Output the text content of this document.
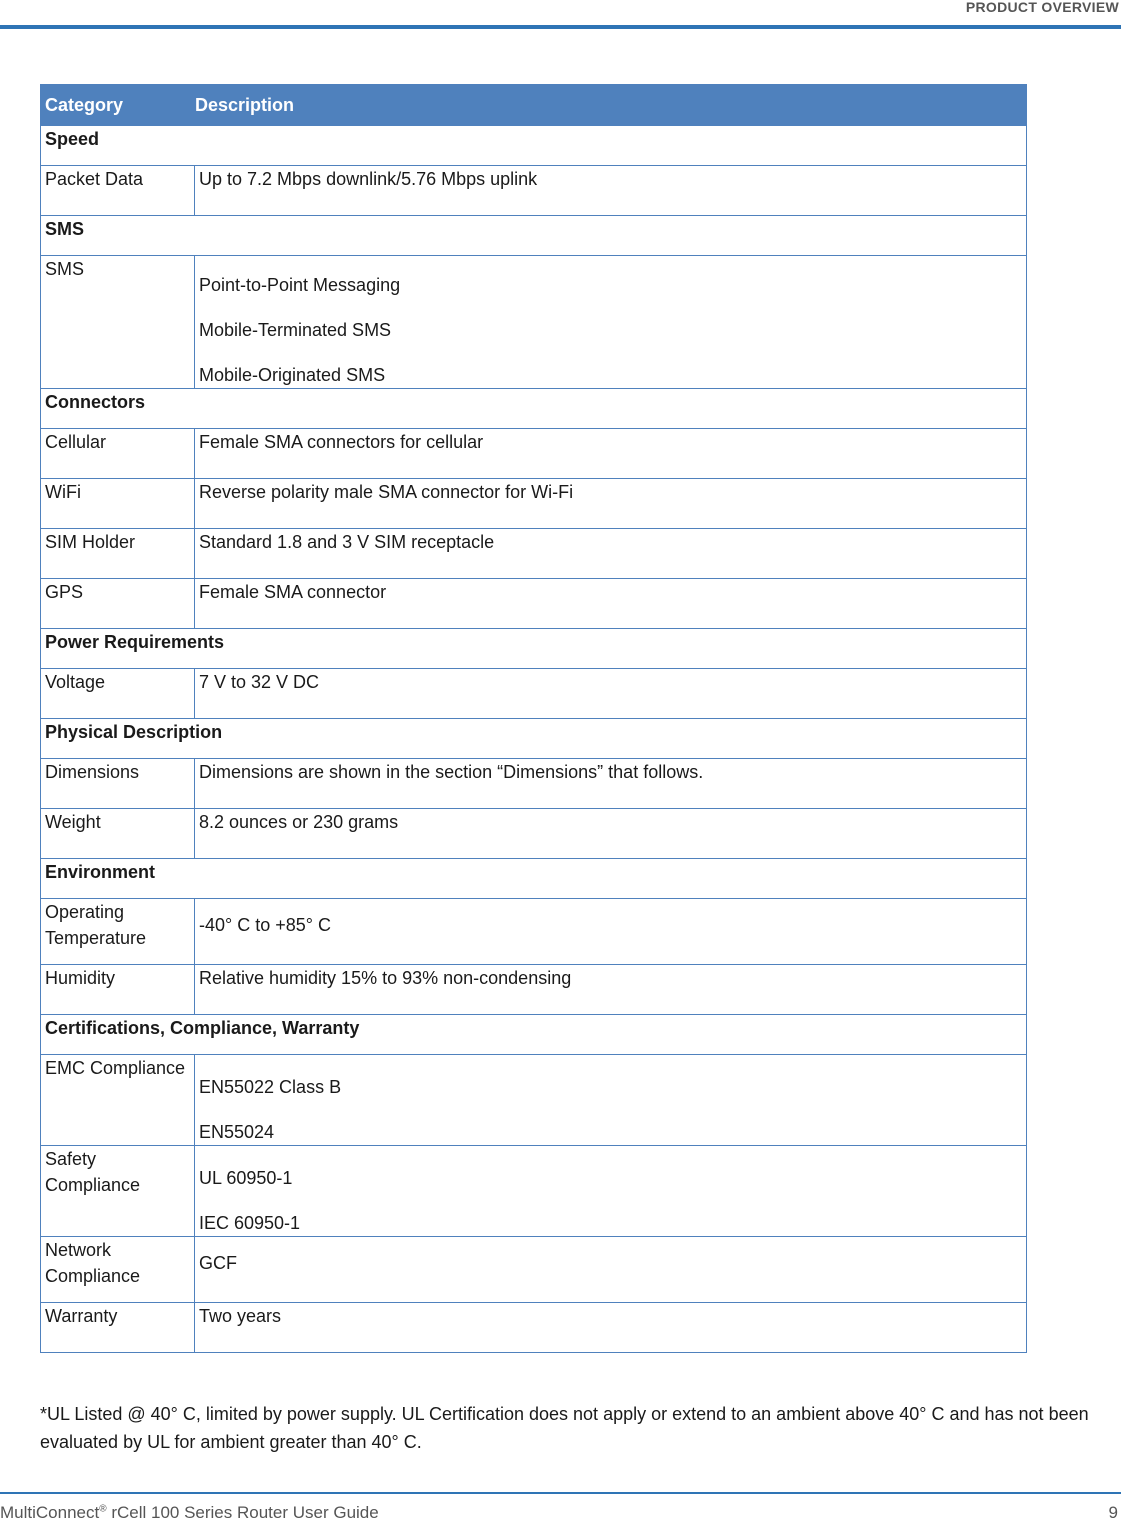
PRODUCT OVERVIEW
Category	Description
Speed	
Packet Data	Up to 7.2 Mbps downlink/5.76 Mbps uplink

SMS	
SMS	Point-to-Point Messaging

Mobile-Terminated SMS

Mobile-Originated SMS

Connectors	
Cellular	Female SMA connectors for cellular

WiFi	Reverse polarity male SMA connector for Wi-Fi

SIM Holder	Standard 1.8 and 3 V SIM receptacle

GPS	Female SMA connector

Power Requirements	
Voltage	7 V to 32 V DC

Physical Description	
Dimensions	Dimensions are shown in the section “Dimensions” that follows.

Weight	8.2 ounces or 230 grams

Environment	
Operating Temperature	-40° C to +85° C

Humidity	Relative humidity 15% to 93% non-condensing

Certifications, Compliance, Warranty	
EMC Compliance	EN55022 Class B

EN55024

Safety Compliance	UL 60950-1

IEC 60950-1

Network Compliance	GCF

Warranty	Two years

*UL Listed @ 40° C, limited by power supply. UL Certification does not apply or extend to an ambient above 40° C and has not been evaluated by UL for ambient greater than 40° C.
MultiConnect® rCell 100 Series Router User Guide	9
